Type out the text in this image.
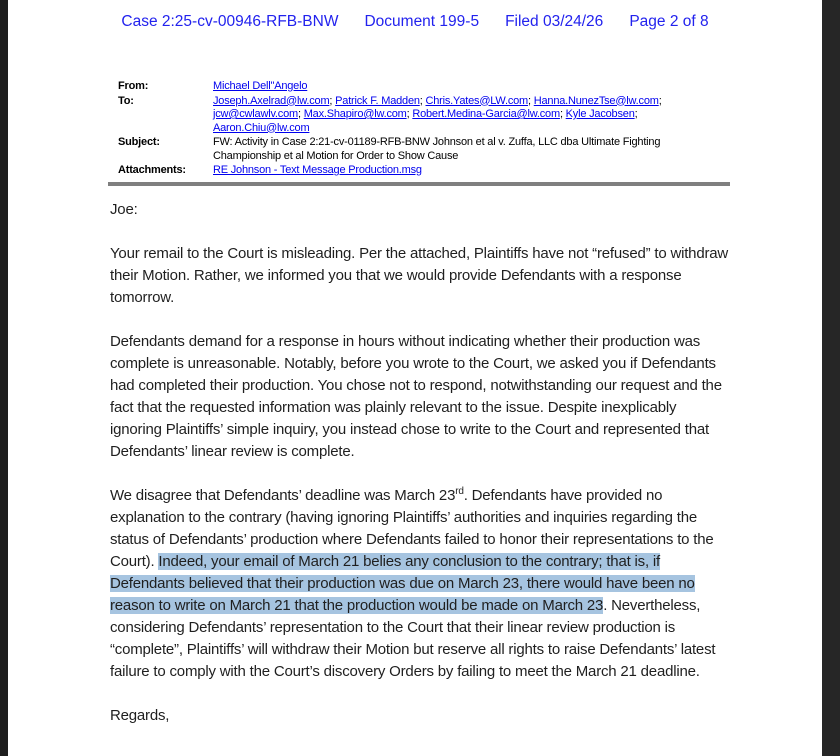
Case 2:25-cv-00946-RFB-BNW Document 199-5 Filed 03/24/26 Page 2 of 8
From:	Michael Dell"Angelo
To:	Joseph.Axelrad@lw.com; Patrick F. Madden; Chris.Yates@LW.com; Hanna.NunezTse@lw.com; jcw@cwlawlv.com; Max.Shapiro@lw.com; Robert.Medina-Garcia@lw.com; Kyle Jacobsen; Aaron.Chiu@lw.com
Subject:	FW: Activity in Case 2:21-cv-01189-RFB-BNW Johnson et al v. Zuffa, LLC dba Ultimate Fighting Championship et al Motion for Order to Show Cause
Attachments:	RE Johnson - Text Message Production.msg

Joe:

Your remail to the Court is misleading. Per the attached, Plaintiffs have not “refused” to withdraw their Motion. Rather, we informed you that we would provide Defendants with a response tomorrow.

Defendants demand for a response in hours without indicating whether their production was complete is unreasonable. Notably, before you wrote to the Court, we asked you if Defendants had completed their production. You chose not to respond, notwithstanding our request and the fact that the requested information was plainly relevant to the issue. Despite inexplicably ignoring Plaintiffs’ simple inquiry, you instead chose to write to the Court and represented that Defendants’ linear review is complete.

We disagree that Defendants’ deadline was March 23rd. Defendants have provided no explanation to the contrary (having ignoring Plaintiffs’ authorities and inquiries regarding the status of Defendants’ production where Defendants failed to honor their representations to the Court). Indeed, your email of March 21 belies any conclusion to the contrary; that is, if Defendants believed that their production was due on March 23, there would have been no reason to write on March 21 that the production would be made on March 23. Nevertheless, considering Defendants’ representation to the Court that their linear review production is “complete”, Plaintiffs’ will withdraw their Motion but reserve all rights to raise Defendants’ latest failure to comply with the Court’s discovery Orders by failing to meet the March 21 deadline.

Regards,
